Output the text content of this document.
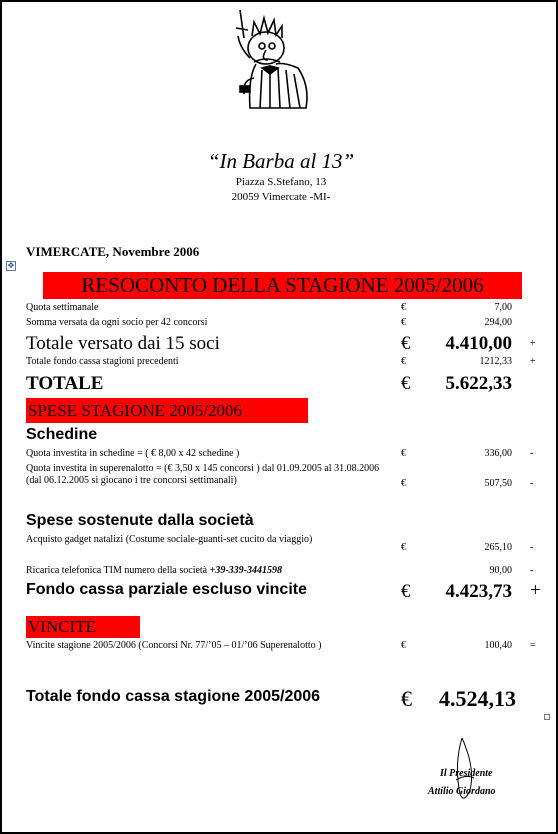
“In Barba al 13”
Piazza S.Stefano, 13
20059 Vimercate -MI-
VIMERCATE, Novembre 2006
✥
RESOCONTO DELLA STAGIONE 2005/2006
Quota settimanale	€	7,00
Somma versata da ogni socio per 42 concorsi	€	294,00
Totale versato dai 15 soci	€ 4.410,00 +
Totale fondo cassa stagioni precedenti	€	1212,33 +
TOTALE	€ 5.622,33
SPESE STAGIONE 2005/2006
Schedine
Quota investita in schedine = ( € 8,00 x 42 schedine )	€	336,00 -
Quota investita in superenalotto = (€ 3,50 x 145 concorsi ) dal 01.09.2005 al 31.08.2006 (dal 06.12.2005 si giocano i tre concorsi settimanali)	€	507,50 -
Spese sostenute dalla società
Acquisto gadget natalizi (Costume sociale-guanti-set cucito da viaggio)
€	265,10 -
Ricarica telefonica TIM numero della società +39-339-3441598	90,00 -
Fondo cassa parziale escluso vincite	€ 4.423,73 +
VINCITE
Vincite stagione 2005/2006 (Concorsi Nr. 77/’05 – 01/’06 Superenalotto )	€	100,40 =
Totale fondo cassa stagione 2005/2006	€ 4.524,13
Il Presidente
Attilio Giordano
